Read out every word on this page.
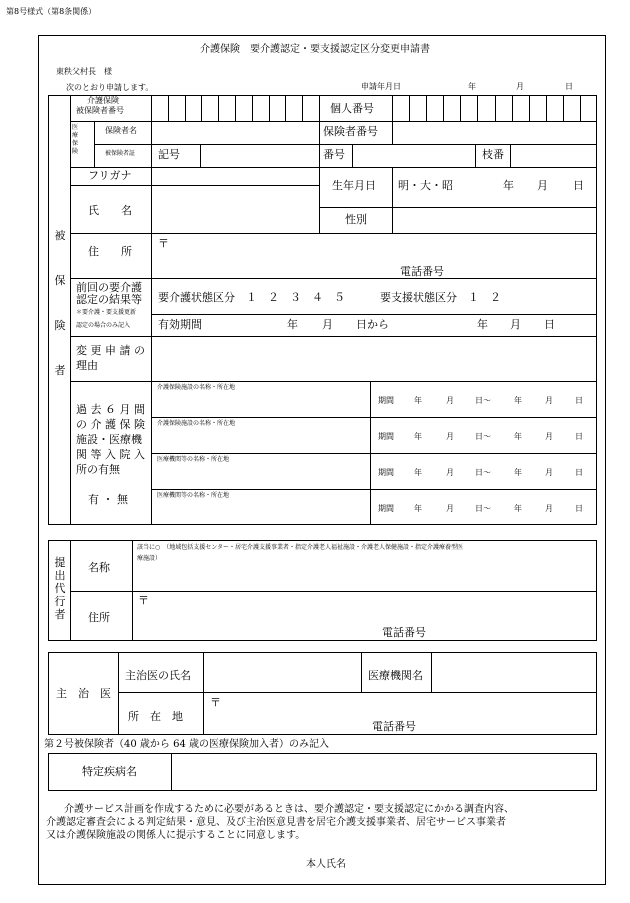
第8号様式（第8条関係）
介護保険　要介護認定・要支援認定区分変更申請書
東秩父村長　様
次のとおり申請します。	申請年月日	年	月	日
被
保
険
者
介護保険
被保険者番号	個人番号
医療保険
保険者名	保険者番号
被保険者証 記号	番号	枝番
フリガナ
氏　　名
生年月日 明・大・昭	年 月 日
性別
住　　所
〒
電話番号
前回の要介護
認定の結果等
＊要介護・要支援更新
認定の場合のみ記入
要介護状態区分　１　２　３　４　５	要支援状態区分　１　２
有効期間	年 月 日から	年 月 日
変 更 申 請 の
理由
過 去 ６ 月 間
の 介 護 保 険
施設・医療機
関 等 入 院 入
所の有無
有 ・ 無
介護保険施設の名称・所在地
期間	年	月	日～	年	月	日
介護保険施設の名称・所在地
期間	年	月	日～	年	月	日
医療機関等の名称・所在地
期間	年	月	日～	年	月	日
医療機関等の名称・所在地
期間	年	月	日～	年	月	日
提
出
代
行
者
名称
該当に○　（地域包括支援センター・居宅介護支援事業者・指定介護老人福祉施設・介護老人保健施設・指定介護療養型医
療施設）
住所
〒
電話番号
主　治　医
主治医の氏名	医療機関名
所　在　地
〒
電話番号
第２号被保険者（40 歳から 64 歳の医療保険加入者）のみ記入
特定疾病名
介護サービス計画を作成するために必要があるときは、要介護認定・要支援認定にかかる調査内容、
介護認定審査会による判定結果・意見、及び主治医意見書を居宅介護支援事業者、居宅サービス事業者
又は介護保険施設の関係人に提示することに同意します。
本人氏名
